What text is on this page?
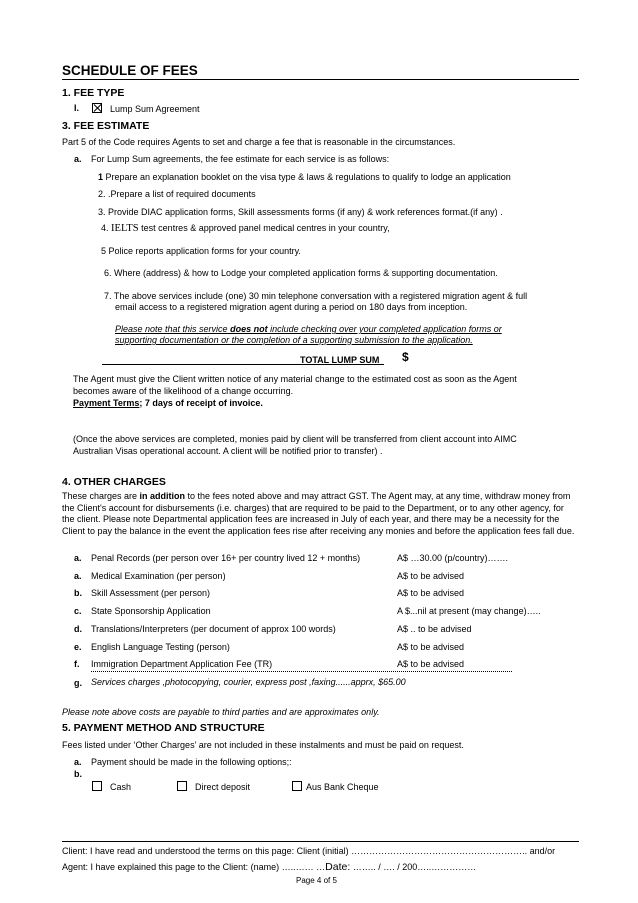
SCHEDULE OF FEES
1. FEE TYPE
I.	Lump Sum Agreement
3. FEE ESTIMATE
Part 5 of the Code requires Agents to set and charge a fee that is reasonable in the circumstances.
a. For Lump Sum agreements, the fee estimate for each service is as follows:
1 Prepare an explanation booklet on the visa type & laws & regulations to qualify to lodge an application
2. .Prepare a list of required documents
3. Provide DIAC application forms, Skill assessments forms (if any) & work references format.(if any) .
4. IELTS test centres & approved panel medical centres in your country,
5 Police reports application forms for your country.
6. Where (address) & how to Lodge your completed application forms & supporting documentation.
7. The above services include (one) 30 min telephone conversation with a registered migration agent & full
email access to a registered migration agent during a period on 180 days from inception.
Please note that this service does not include checking over your completed application forms or
supporting documentation or the completion of a supporting submission to the application.
TOTAL LUMP SUM $
The Agent must give the Client written notice of any material change to the estimated cost as soon as the Agent
becomes aware of the likelihood of a change occurring.
Payment Terms; 7 days of receipt of invoice.
(Once the above services are completed, monies paid by client will be transferred from client account into AIMC
Australian Visas operational account. A client will be notified prior to transfer) .
4. OTHER CHARGES
These charges are in addition to the fees noted above and may attract GST. The Agent may, at any time, withdraw money from the Client's account for disbursements (i.e. charges) that are required to be paid to the Department, or to any other agency, for the client. Please note Departmental application fees are increased in July of each year, and there may be a necessity for the Client to pay the balance in the event the application fees rise after receiving any monies and before the application fees fall due.
a. Penal Records (per person over 16+ per country lived 12 + months)	A$ …30.00 (p/country)…….
a. Medical Examination (per person)	A$ to be advised
b. Skill Assessment (per person)	A$ to be advised
c. State Sponsorship Application	A $...nil at present (may change)…..
d. Translations/Interpreters (per document of approx 100 words)	A$ .. to be advised
e. English Language Testing (person)	A$ to be advised
f. Immigration Department Application Fee (TR)	A$ to be advised
g. Services charges ,photocopying, courier, express post ,faxing......apprx, $65.00
Please note above costs are payable to third parties and are approximates only.
5. PAYMENT METHOD AND STRUCTURE
Fees listed under ‘Other Charges’ are not included in these instalments and must be paid on request.
a. Payment should be made in the following options;:
b.
Cash	Direct deposit	Aus Bank Cheque
Client: I have read and understood the terms on this page: Client (initial) ………………………………………………….. and/or
Agent: I have explained this page to the Client: (name) …..…… …Date: …….. / …. / 200…..……………
Page 4 of 5
